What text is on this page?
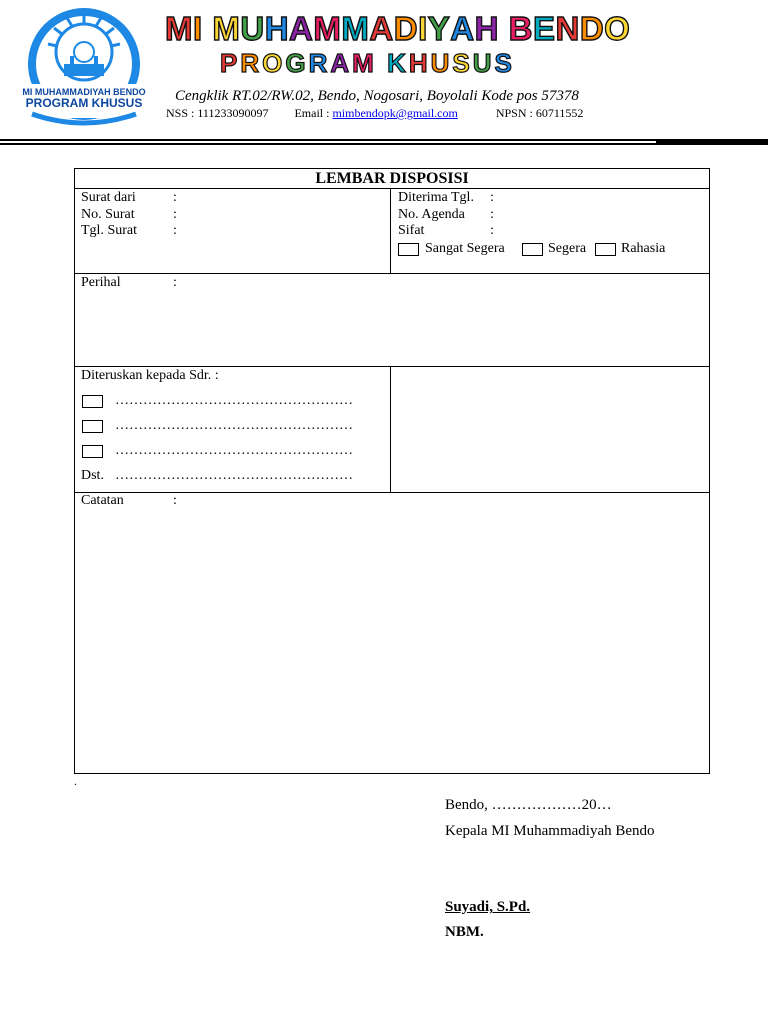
MI MUHAMMADIYAH BENDO
PROGRAM KHUSUS
MI MUHAMMADIYAH BENDO
PROGRAM KHUSUS
Cengklik RT.02/RW.02, Bendo, Nogosari, Boyolali Kode pos 57378
NSS : 111233090097 Email : mimbendopk@gmail.com	NPSN : 60711552
LEMBAR DISPOSISI
Surat dari	:
No. Surat	:
Tgl. Surat	:
Diterima Tgl. :
No. Agenda :
Sifat	:
Sangat Segera	Segera Rahasia
Perihal	:
Diteruskan kepada Sdr. :
……………………………………………
……………………………………………
……………………………………………
Dst. ……………………………………………
Catatan	:
.
Bendo, ………………20…
Kepala MI Muhammadiyah Bendo
Suyadi, S.Pd.
NBM.
